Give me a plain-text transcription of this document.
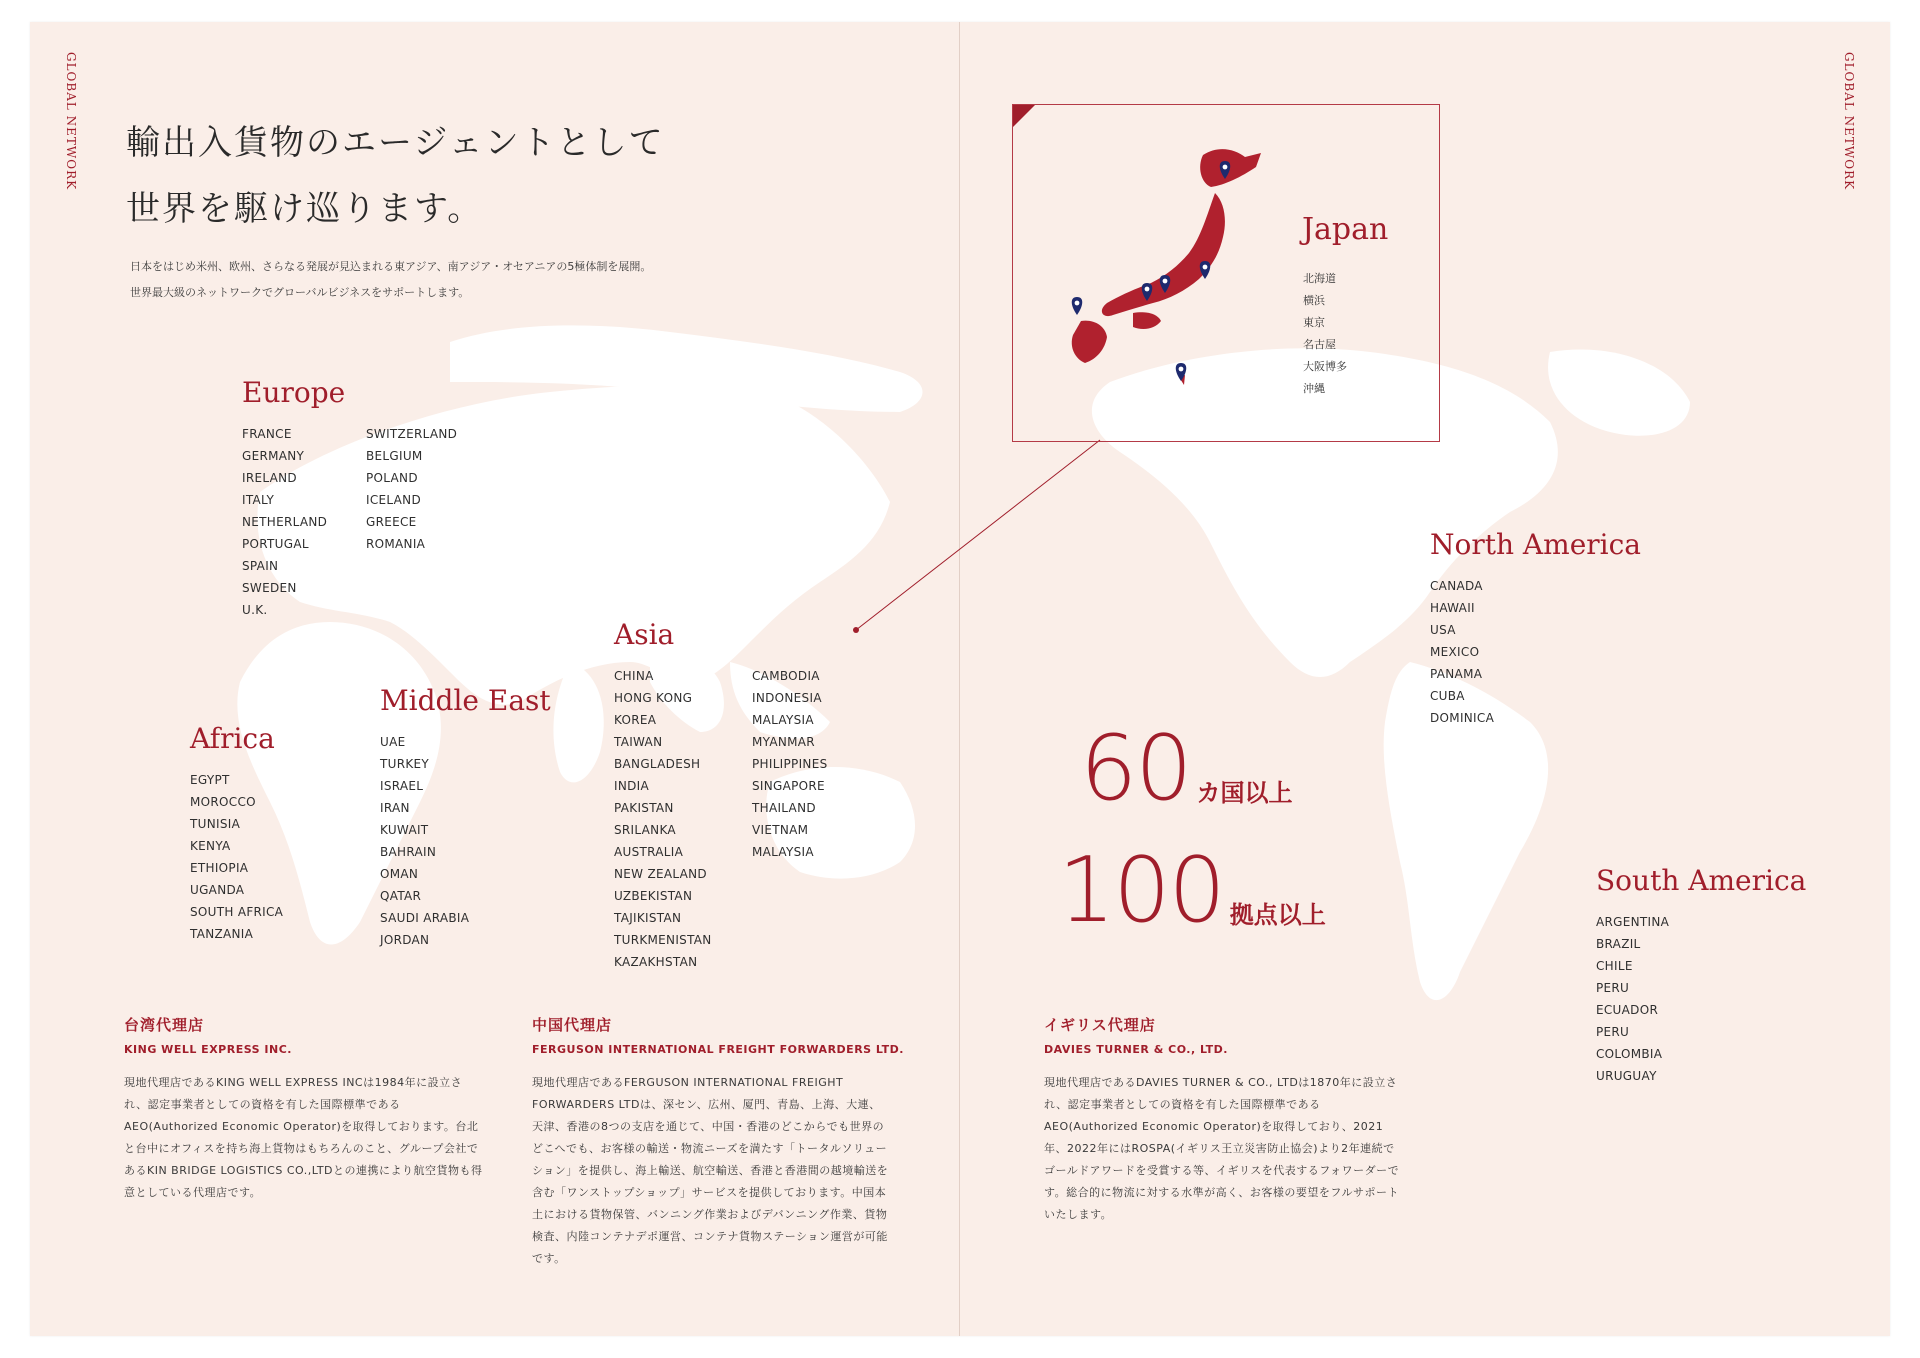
GLOBAL NETWORK	GLOBAL NETWORK
輸出入貨物のエージェントとして
世界を駆け巡ります。
日本をはじめ米州、欧州、さらなる発展が見込まれる東アジア、南アジア・オセアニアの5極体制を展開。
世界最大級のネットワークでグローバルビジネスをサポートします。
Europe
FRANCE
GERMANY
IRELAND
ITALY
NETHERLAND
PORTUGAL
SPAIN
SWEDEN
U.K.
SWITZERLAND
BELGIUM
POLAND
ICELAND
GREECE
ROMANIA
Africa
EGYPT
MOROCCO
TUNISIA
KENYA
ETHIOPIA
UGANDA
SOUTH AFRICA
TANZANIA
Middle East
UAE
TURKEY
ISRAEL
IRAN
KUWAIT
BAHRAIN
OMAN
QATAR
SAUDI ARABIA
JORDAN
Asia
CHINA
HONG KONG
KOREA
TAIWAN
BANGLADESH
INDIA
PAKISTAN
SRILANKA
AUSTRALIA
NEW ZEALAND
UZBEKISTAN
TAJIKISTAN
TURKMENISTAN
KAZAKHSTAN
CAMBODIA
INDONESIA
MALAYSIA
MYANMAR
PHILIPPINES
SINGAPORE
THAILAND
VIETNAM
MALAYSIA
Japan
北海道
横浜
東京
名古屋
大阪博多
沖縄
North America
CANADA
HAWAII
USA
MEXICO
PANAMA
CUBA
DOMINICA
South America
ARGENTINA
BRAZIL
CHILE
PERU
ECUADOR
PERU
COLOMBIA
URUGUAY
60 カ国以上
100 拠点以上
台湾代理店
KING WELL EXPRESS INC.
現地代理店であるKING WELL EXPRESS INCは1984年に設立され、認定事業者としての資格を有した国際標準であるAEO(Authorized Economic Operator)を取得しております。台北と台中にオフィスを持ち海上貨物はもちろんのこと、グループ会社であるKIN BRIDGE LOGISTICS CO.,LTDとの連携により航空貨物も得意としている代理店です。
中国代理店
FERGUSON INTERNATIONAL FREIGHT FORWARDERS LTD.
現地代理店であるFERGUSON INTERNATIONAL FREIGHT FORWARDERS LTDは、深セン、広州、厦門、青島、上海、大連、天津、香港の8つの支店を通じて、中国・香港のどこからでも世界のどこへでも、お客様の輸送・物流ニーズを満たす「トータルソリューション」を提供し、海上輸送、航空輸送、香港と香港間の越境輸送を含む「ワンストップショップ」サービスを提供しております。中国本土における貨物保管、バンニング作業およびデバンニング作業、貨物検査、内陸コンテナデポ運営、コンテナ貨物ステーション運営が可能です。
イギリス代理店
DAVIES TURNER & CO., LTD.
現地代理店であるDAVIES TURNER & CO., LTDは1870年に設立され、認定事業者としての資格を有した国際標準であるAEO(Authorized Economic Operator)を取得しており、2021年、2022年にはROSPA(イギリス王立災害防止協会)より2年連続でゴールドアワードを受賞する等、イギリスを代表するフォワーダーです。総合的に物流に対する水準が高く、お客様の要望をフルサポートいたします。
